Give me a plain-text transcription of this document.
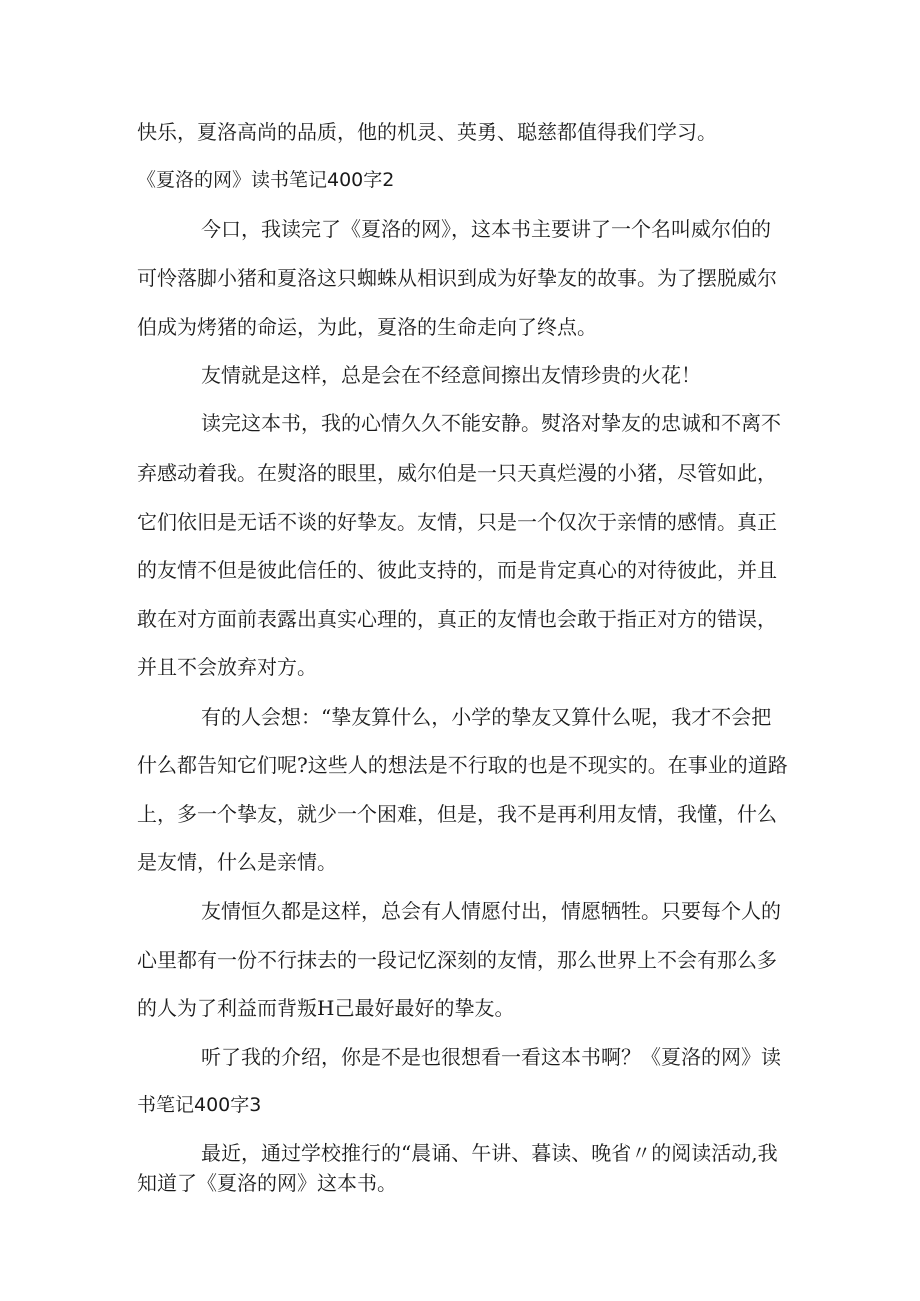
快乐，夏洛高尚的品质，他的机灵、英勇、聪慈都值得我们学习。
《夏洛的网》读书笔记400字2
今口，我读完了《夏洛的网》，这本书主要讲了一个名叫威尔伯的
可怜落脚小猪和夏洛这只蜘蛛从相识到成为好挚友的故事。为了摆脱威尔
伯成为烤猪的命运，为此，夏洛的生命走向了终点。
友情就是这样，总是会在不经意间擦出友情珍贵的火花！
读完这本书，我的心情久久不能安静。熨洛对挚友的忠诚和不离不
弃感动着我。在熨洛的眼里，威尔伯是一只天真烂漫的小猪，尽管如此，
它们依旧是无话不谈的好挚友。友情，只是一个仅次于亲情的感情。真正
的友情不但是彼此信任的、彼此支持的，而是肯定真心的对待彼此，并且
敢在对方面前表露出真实心理的，真正的友情也会敢于指正对方的错误，
并且不会放弃对方。
有的人会想：“挚友算什么，小学的挚友又算什么呢，我才不会把
什么都告知它们呢?这些人的想法是不行取的也是不现实的。在事业的道路
上，多一个挚友，就少一个困难，但是，我不是再利用友情，我懂，什么
是友情，什么是亲情。
友情恒久都是这样，总会有人情愿付出，情愿牺牲。只要每个人的
心里都有一份不行抹去的一段记忆深刻的友情，那么世界上不会有那么多
的人为了利益而背叛H己最好最好的挚友。
听了我的介绍，你是不是也很想看一看这本书啊？《夏洛的网》读
书笔记400字3
最近，通过学校推行的“晨诵、午讲、暮读、晚省〃的阅读活动,我
知道了《夏洛的网》这本书。
